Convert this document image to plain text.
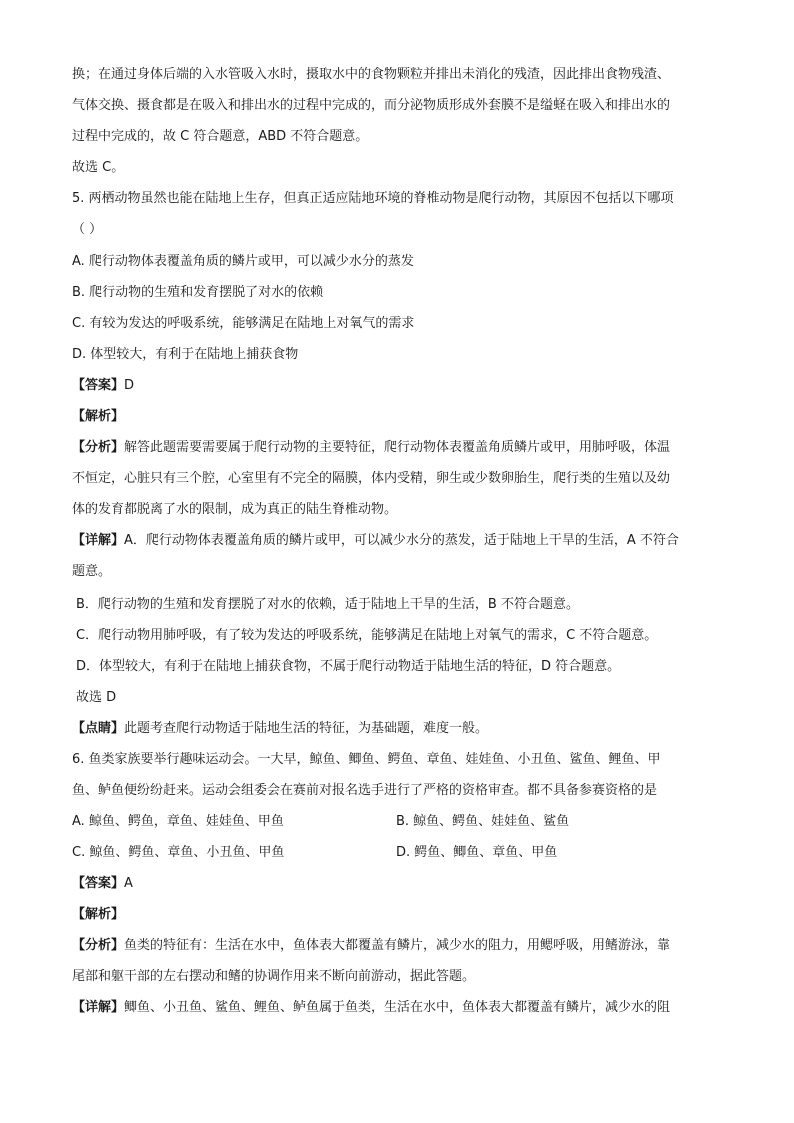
换；在通过身体后端的入水管吸入水时，摄取水中的食物颗粒并排出未消化的残渣，因此排出食物残渣、
气体交换、摄食都是在吸入和排出水的过程中完成的，而分泌物质形成外套膜不是缢蛏在吸入和排出水的
过程中完成的，故 C 符合题意，ABD 不符合题意。
故选 C。
5. 两栖动物虽然也能在陆地上生存，但真正适应陆地环境的脊椎动物是爬行动物，其原因不包括以下哪项
（ ）
A. 爬行动物体表覆盖角质的鳞片或甲，可以减少水分的蒸发
B. 爬行动物的生殖和发育摆脱了对水的依赖
C. 有较为发达的呼吸系统，能够满足在陆地上对氧气的需求
D. 体型较大，有利于在陆地上捕获食物
【答案】D
【解析】
【分析】解答此题需要需要属于爬行动物的主要特征，爬行动物体表覆盖角质鳞片或甲，用肺呼吸，体温
不恒定，心脏只有三个腔，心室里有不完全的隔膜，体内受精，卵生或少数卵胎生，爬行类的生殖以及幼
体的发育都脱离了水的限制，成为真正的陆生脊椎动物。
【详解】A．爬行动物体表覆盖角质的鳞片或甲，可以减少水分的蒸发，适于陆地上干旱的生活，A 不符合
题意。
B．爬行动物的生殖和发育摆脱了对水的依赖，适于陆地上干旱的生活，B 不符合题意。
C．爬行动物用肺呼吸，有了较为发达的呼吸系统，能够满足在陆地上对氧气的需求，C 不符合题意。
D．体型较大，有利于在陆地上捕获食物，不属于爬行动物适于陆地生活的特征，D 符合题意。
故选 D
【点睛】此题考查爬行动物适于陆地生活的特征，为基础题，难度一般。
6. 鱼类家族要举行趣味运动会。一大早，鲸鱼、鲫鱼、鳄鱼、章鱼、娃娃鱼、小丑鱼、鲨鱼、鲤鱼、甲
鱼、鲈鱼便纷纷赶来。运动会组委会在赛前对报名选手进行了严格的资格审查。都不具备参赛资格的是
A. 鲸鱼、鳄鱼，章鱼、娃娃鱼、甲鱼	B. 鲸鱼、鳄鱼、娃娃鱼、鲨鱼
C. 鲸鱼、鳄鱼、章鱼、小丑鱼、甲鱼	D. 鳄鱼、鲫鱼、章鱼、甲鱼
【答案】A
【解析】
【分析】鱼类的特征有：生活在水中，鱼体表大都覆盖有鳞片，减少水的阻力，用鳃呼吸，用鳍游泳，靠
尾部和躯干部的左右摆动和鳍的协调作用来不断向前游动，据此答题。
【详解】鲫鱼、小丑鱼、鲨鱼、鲤鱼、鲈鱼属于鱼类，生活在水中，鱼体表大都覆盖有鳞片，减少水的阻
